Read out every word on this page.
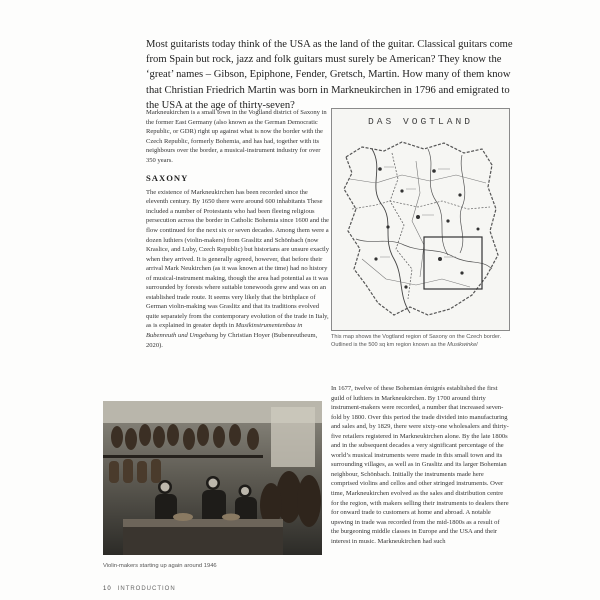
Most guitarists today think of the USA as the land of the guitar. Classical guitars come from Spain but rock, jazz and folk guitars must surely be American? They know the ‘great’ names – Gibson, Epiphone, Fender, Gretsch, Martin. How many of them know that Christian Friedrich Martin was born in Markneukirchen in 1796 and emigrated to the USA at the age of thirty-seven?

Markneukirchen is a small town in the Vogtland district of Saxony in the former East Germany (also known as the German Democratic Republic, or GDR) right up against what is now the border with the Czech Republic, formerly Bohemia, and has had, together with its neighbours over the border, a musical-instrument industry for over 350 years.

SAXONY

The existence of Markneukirchen has been recorded since the eleventh century. By 1650 there were around 600 inhabitants These included a number of Protestants who had been fleeing religious persecution across the border in Catholic Bohemia since 1600 and the flow continued for the next six or seven decades. Among them were a dozen luthiers (violin-makers) from Graslitz and Schönbach (now Kraslice, and Luby, Czech Republic) but historians are unsure exactly when they arrived. It is generally agreed, however, that before their arrival Mark Neukirchen (as it was known at the time) had no history of musical-instrument making, though the area had potential as it was surrounded by forests where suitable tonewoods grew and was on an established trade route. It seems very likely that the birthplace of German violin-making was Graslitz and that its traditions evolved quite separately from the contemporary evolution of the trade in Italy, as is explained in greater depth in Musikinstrumentenbau in Bubenreuth und Umgebung by Christian Hoyer (Bubenreutheum, 2020).

DAS VOGTLAND
This map shows the Vogtland region of Saxony on the Czech border. Outlined is the 500 sq km region known as the Musikwinkel

In 1677, twelve of these Bohemian émigrés established the first guild of luthiers in Markneukirchen. By 1700 around thirty instrument-makers were recorded, a number that increased seven-fold by 1800. Over this period the trade divided into manufacturing and sales and, by 1829, there were sixty-one wholesalers and thirty-five retailers registered in Markneukirchen alone. By the late 1800s and in the subsequent decades a very significant percentage of the world’s musical instruments were made in this small town and its surrounding villages, as well as in Graslitz and its larger Bohemian neighbour, Schönbach. Initially the instruments made here comprised violins and cellos and other stringed instruments. Over time, Markneukirchen evolved as the sales and distribution centre for the region, with makers selling their instruments to dealers there for onward trade to customers at home and abroad. A notable upswing in trade was recorded from the mid-1800s as a result of the burgeoning middle classes in Europe and the USA and their interest in music. Markneukirchen had such

Violin-makers starting up again around 1946
10 INTRODUCTION
